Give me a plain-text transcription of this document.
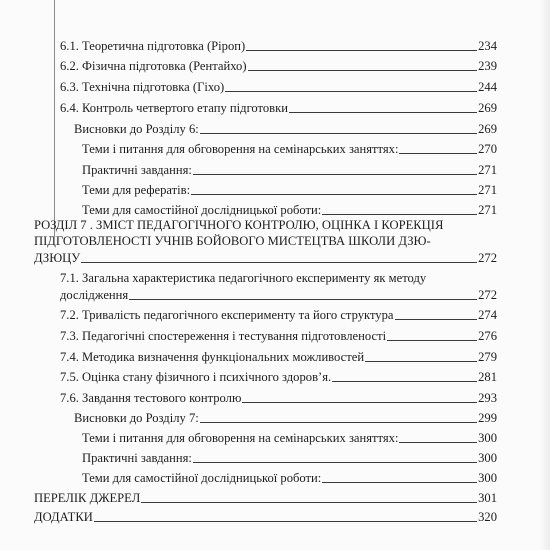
6.1. Теоретична підготовка (Ріроп)	234
6.2. Фізична підготовка (Рентайхо)	239
6.3. Технічна підготовка (Гіхо)	244
6.4. Контроль четвертого етапу підготовки	269
Висновки до Розділу 6:	269
Теми і питання для обговорення на семінарських заняттях:	270
Практичні завдання:	271
Теми для рефератів:	271
Теми для самостійної дослідницької роботи:	271
РОЗДІЛ 7 . ЗМІСТ ПЕДАГОГІЧНОГО КОНТРОЛЮ, ОЦІНКА І КОРЕКЦІЯ
ПІДГОТОВЛЕНОСТІ УЧНІВ БОЙОВОГО МИСТЕЦТВА ШКОЛИ ДЗЮ-
ДЗЮЦУ	272
7.1. Загальна характеристика педагогічного експерименту як методу
дослідження	272
7.2. Тривалість педагогічного експерименту та його структура	274
7.3. Педагогічні спостереження і тестування підготовленості	276
7.4. Методика визначення функціональних можливостей	279
7.5. Оцінка стану фізичного і психічного здоров’я.	281
7.6. Завдання тестового контролю	293
Висновки до Розділу 7:	299
Теми і питання для обговорення на семінарських заняттях:	300
Практичні завдання:	300
Теми для самостійної дослідницької роботи:	300
ПЕРЕЛІК ДЖЕРЕЛ	301
ДОДАТКИ	320
